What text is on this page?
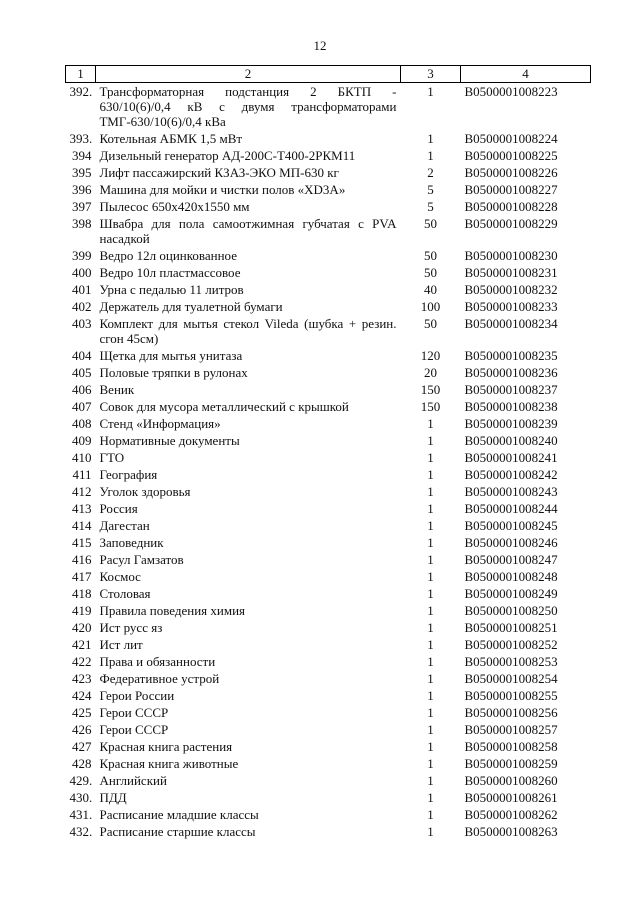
12
1	2	3	4
392.	Трансформаторная подстанция 2 БКТП - 630/10(6)/0,4 кВ с двумя трансформаторами ТМГ-630/10(6)/0,4 кВа	1	В0500001008223
393.	Котельная АБМК 1,5 мВт	1	В0500001008224
394	Дизельный генератор АД-200С-Т400-2РКМ11	1	В0500001008225
395	Лифт пассажирский КЗАЗ-ЭКО МП-630 кг	2	В0500001008226
396	Машина для мойки и чистки полов «XD3A»	5	В0500001008227
397	Пылесос 650х420х1550 мм	5	В0500001008228
398	Швабра для пола самоотжимная губчатая с PVA насадкой	50	В0500001008229
399	Ведро 12л оцинкованное	50	В0500001008230
400	Ведро 10л пластмассовое	50	В0500001008231
401	Урна с педалью 11 литров	40	В0500001008232
402	Держатель для туалетной бумаги	100	В0500001008233
403	Комплект для мытья стекол Vileda (шубка + резин. сгон 45см)	50	В0500001008234
404	Щетка для мытья унитаза	120	В0500001008235
405	Половые тряпки в рулонах	20	В0500001008236
406	Веник	150	В0500001008237
407	Совок для мусора металлический с крышкой	150	В0500001008238
408	Стенд «Информация»	1	В0500001008239
409	Нормативные документы	1	В0500001008240
410	ГТО	1	В0500001008241
411	География	1	В0500001008242
412	Уголок здоровья	1	В0500001008243
413	Россия	1	В0500001008244
414	Дагестан	1	В0500001008245
415	Заповедник	1	В0500001008246
416	Расул Гамзатов	1	В0500001008247
417	Космос	1	В0500001008248
418	Столовая	1	В0500001008249
419	Правила поведения химия	1	В0500001008250
420	Ист русс яз	1	В0500001008251
421	Ист лит	1	В0500001008252
422	Права и обязанности	1	В0500001008253
423	Федеративное устрой	1	В0500001008254
424	Герои России	1	В0500001008255
425	Герои СССР	1	В0500001008256
426	Герои СССР	1	В0500001008257
427	Красная книга растения	1	В0500001008258
428	Красная книга животные	1	В0500001008259
429.	Английский	1	В0500001008260
430.	ПДД	1	В0500001008261
431.	Расписание младшие классы	1	В0500001008262
432.	Расписание старшие классы	1	В0500001008263
